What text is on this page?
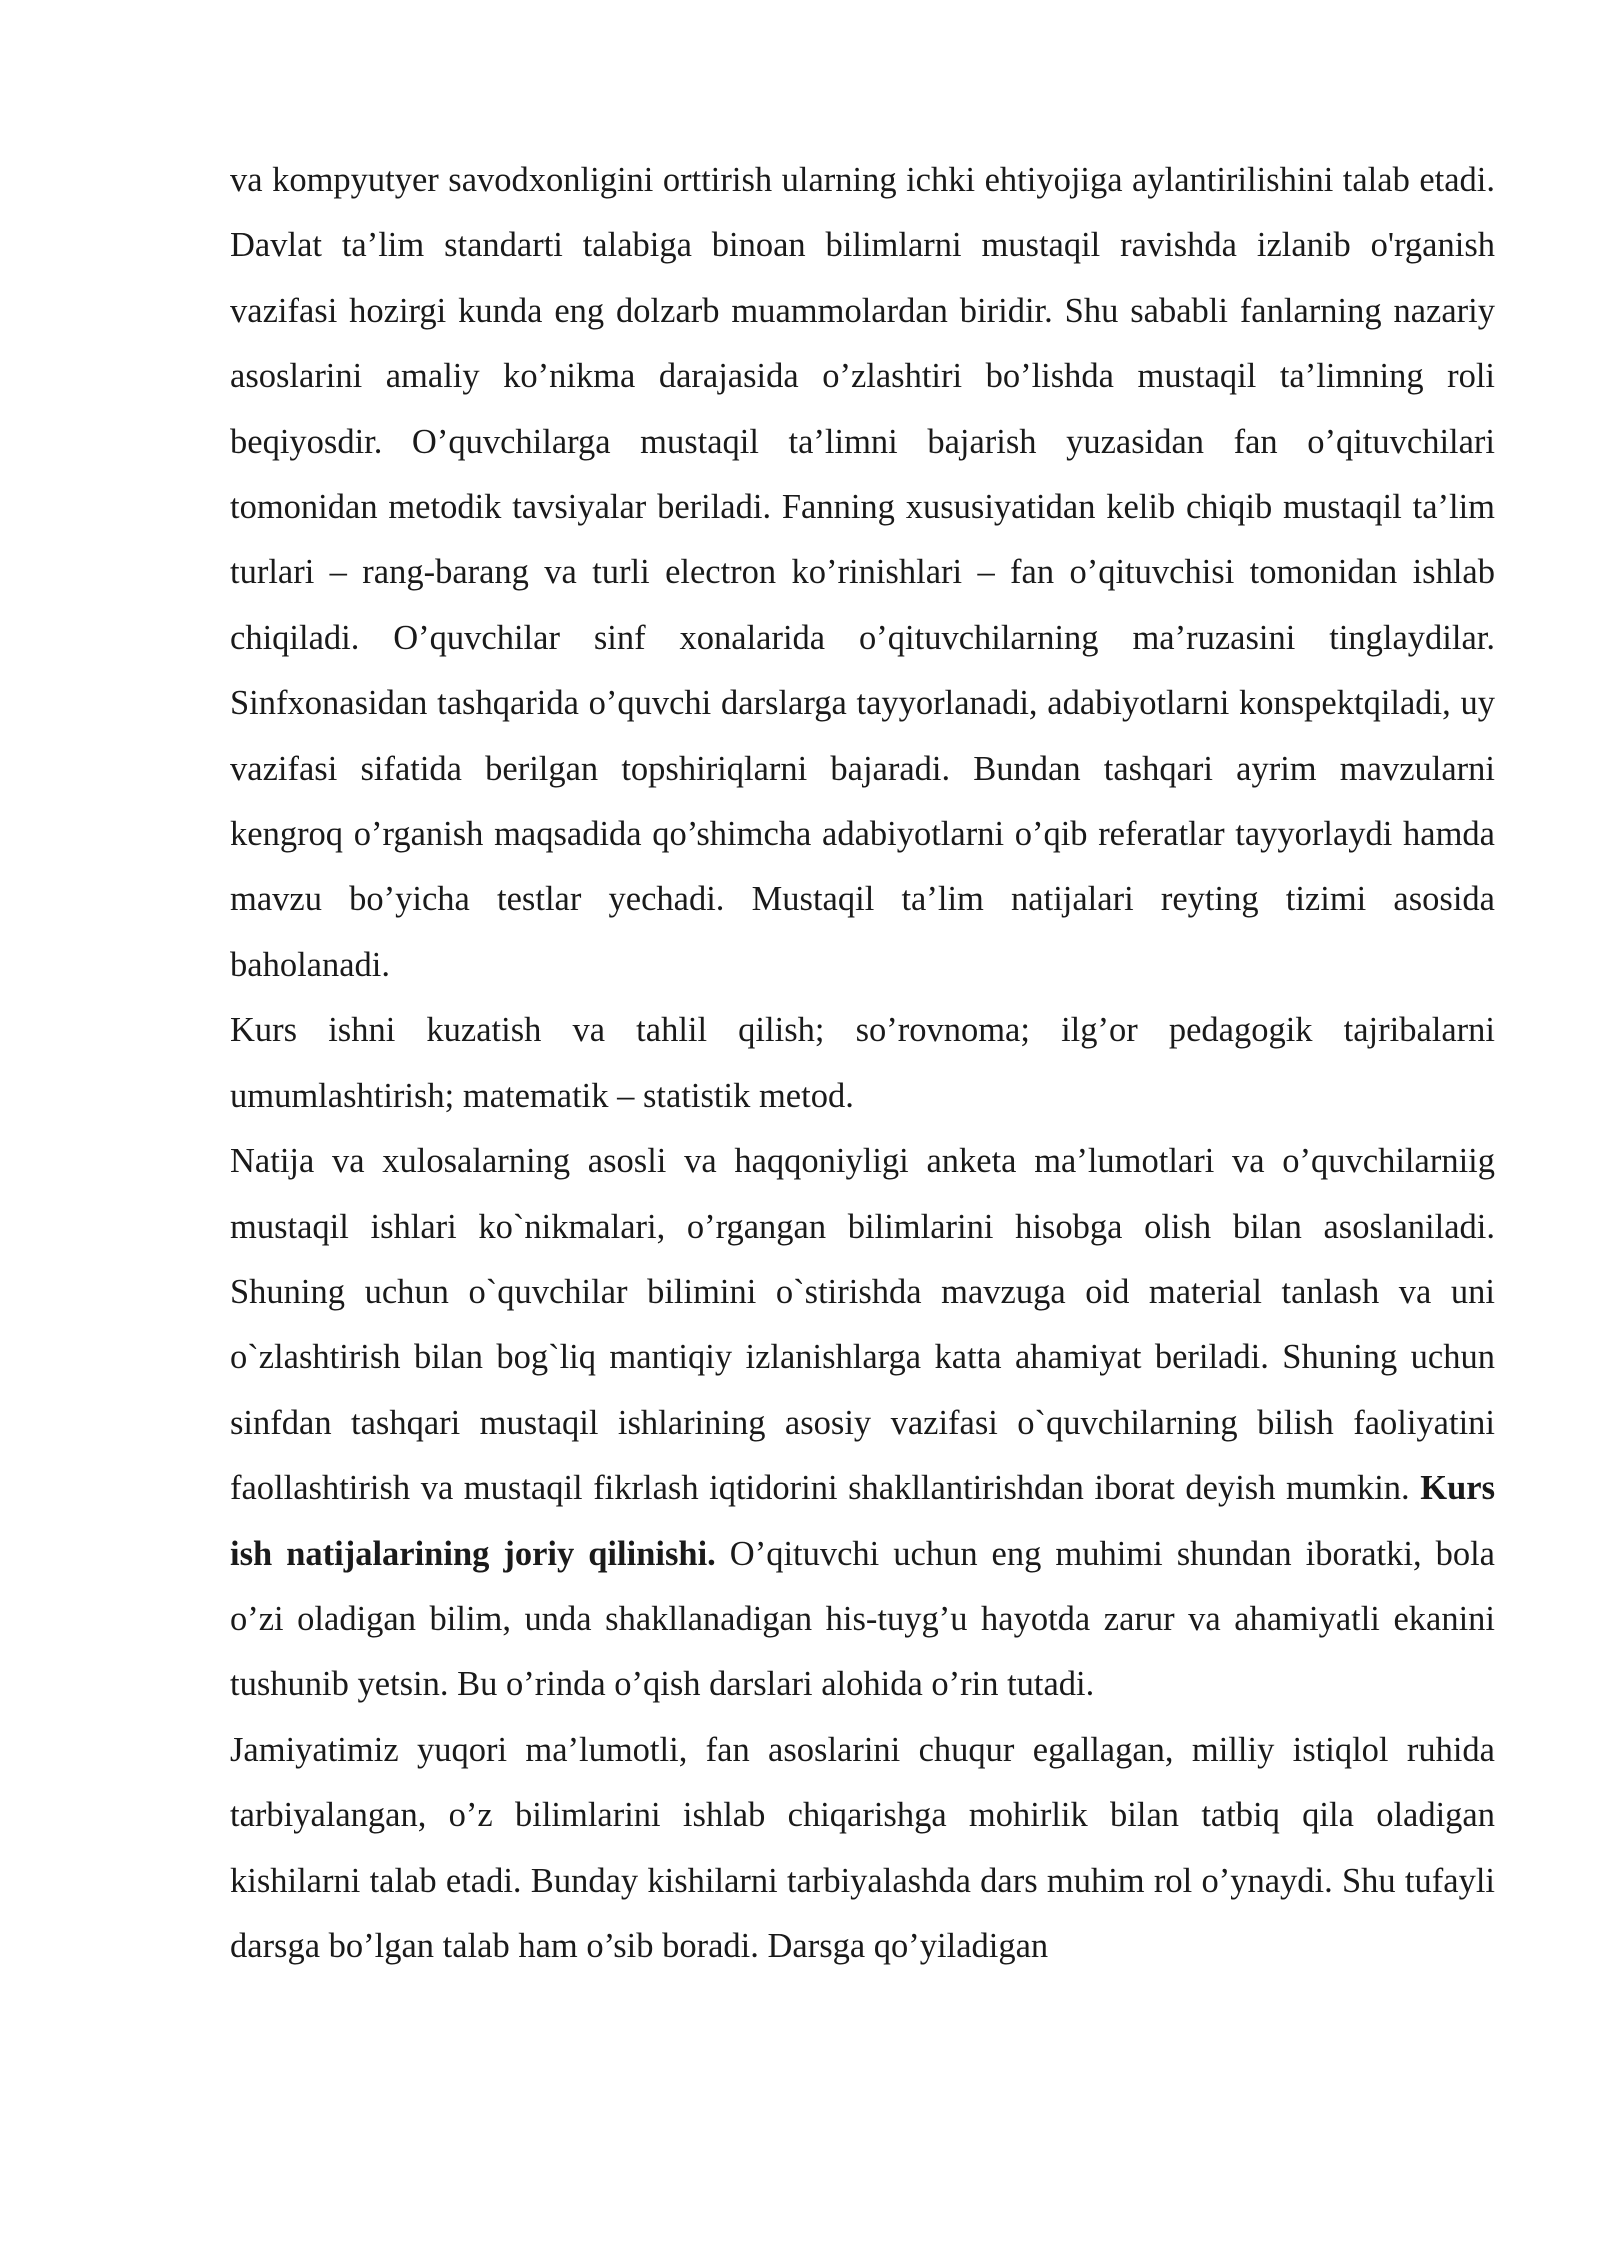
va kompyutyer savodxonligini orttirish ularning ichki ehtiyojiga aylantirilishini talab etadi. Davlat ta’lim standarti talabiga binoan bilimlarni mustaqil ravishda izlanib o'rganish vazifasi hozirgi kunda eng dolzarb muammolardan biridir. Shu sababli fanlarning nazariy asoslarini amaliy ko’nikma darajasida o’zlashtiri bo’lishda mustaqil ta’limning roli beqiyosdir. O’quvchilarga mustaqil ta’limni bajarish yuzasidan fan o’qituvchilari tomonidan metodik tavsiyalar beriladi. Fanning xususiyatidan kelib chiqib mustaqil ta’lim turlari – rang-barang va turli electron ko’rinishlari – fan o’qituvchisi tomonidan ishlab chiqiladi. O’quvchilar sinf xonalarida o’qituvchilarning ma’ruzasini tinglaydilar. Sinfxonasidan tashqarida o’quvchi darslarga tayyorlanadi, adabiyotlarni konspektqiladi, uy vazifasi sifatida berilgan topshiriqlarni bajaradi. Bundan tashqari ayrim mavzularni kengroq o’rganish maqsadida qo’shimcha adabiyotlarni o’qib referatlar tayyorlaydi hamda mavzu bo’yicha testlar yechadi. Mustaqil ta’lim natijalari reyting tizimi asosida baholanadi.

Kurs ishni kuzatish va tahlil qilish; so’rovnoma; ilg’or pedagogik tajribalarni umumlashtirish; matematik – statistik metod.

Natija va xulosalarning asosli va haqqoniyligi anketa ma’lumotlari va o’quvchilarniig mustaqil ishlari ko`nikmalari, o’rgangan bilimlarini hisobga olish bilan asoslaniladi. Shuning uchun o`quvchilar bilimini o`stirishda mavzuga oid material tanlash va uni o`zlashtirish bilan bog`liq mantiqiy izlanishlarga katta ahamiyat beriladi. Shuning uchun sinfdan tashqari mustaqil ishlarining asosiy vazifasi o`quvchilarning bilish faoliyatini faollashtirish va mustaqil fikrlash iqtidorini shakllantirishdan iborat deyish mumkin. Kurs ish natijalarining joriy qilinishi. O’qituvchi uchun eng muhimi shundan iboratki, bola o’zi oladigan bilim, unda shakllanadigan his-tuyg’u hayotda zarur va ahamiyatli ekanini tushunib yetsin. Bu o’rinda o’qish darslari alohida o’rin tutadi.

Jamiyatimiz yuqori ma’lumotli, fan asoslarini chuqur egallagan, milliy istiqlol ruhida tarbiyalangan, o’z bilimlarini ishlab chiqarishga mohirlik bilan tatbiq qila oladigan kishilarni talab etadi. Bunday kishilarni tarbiyalashda dars muhim rol o’ynaydi. Shu tufayli darsga bo’lgan talab ham o’sib boradi. Darsga qo’yiladigan
